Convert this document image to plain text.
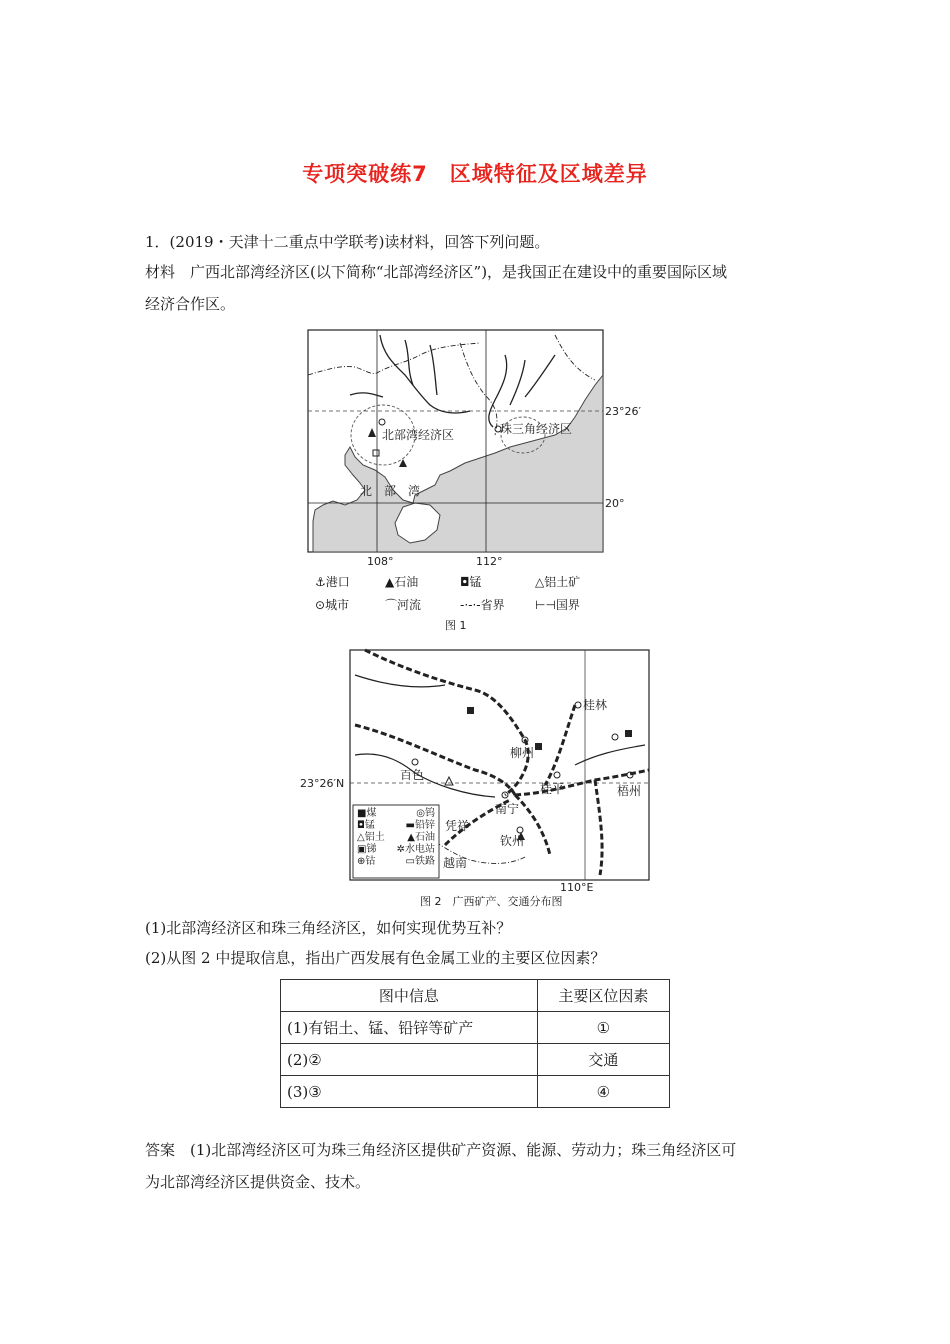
专项突破练7　区域特征及区域差异
1．(2019・天津十二重点中学联考)读材料，回答下列问题。
材料　广西北部湾经济区(以下简称“北部湾经济区”)，是我国正在建设中的重要国际区域
经济合作区。
北部湾经济区	珠三角经济区
北　部　湾
23°26′
20°
108°	112°
⚓港口	▲石油	◘锰	△铝土矿
⊙城市	⌒河流	-·-·-省界	⊢⊣国界
图 1
桂林
柳州
百色
南宁
桂平	梧州
钦州
凭祥
越南
23°26′N
110°E
■煤	◎钨
◘锰	▬铅锌
△铝土 ▲石油
▣锑 ✲水电站
⊕钴	▭铁路
图 2　广西矿产、交通分布图
(1)北部湾经济区和珠三角经济区，如何实现优势互补？
(2)从图 2 中提取信息，指出广西发展有色金属工业的主要区位因素？
图中信息	主要区位因素
(1)有铝土、锰、铅锌等矿产	①
(2)②	交通
(3)③	④
答案　(1)北部湾经济区可为珠三角经济区提供矿产资源、能源、劳动力；珠三角经济区可
为北部湾经济区提供资金、技术。
